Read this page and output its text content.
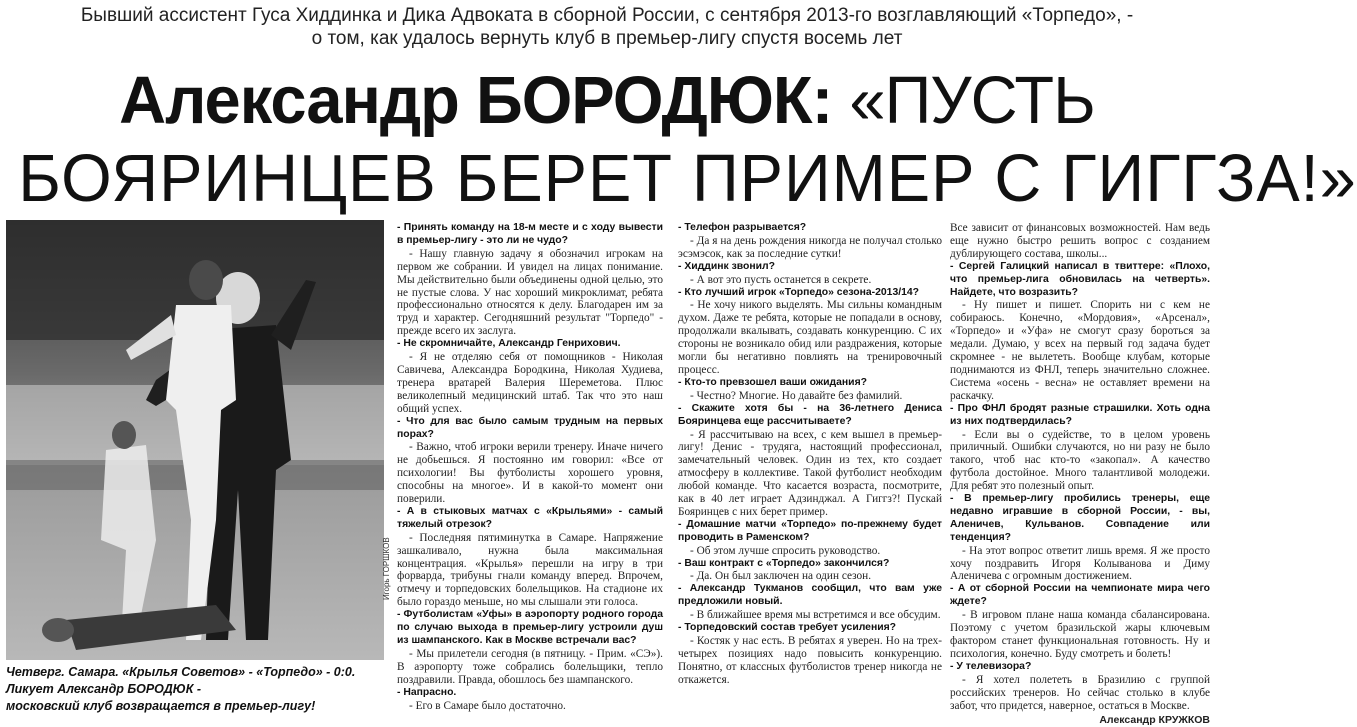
Бывший ассистент Гуса Хиддинка и Дика Адвоката в сборной России, с сентября 2013-го возглавляющий «Торпедо», -
о том, как удалось вернуть клуб в премьер-лигу спустя восемь лет
Александр БОРОДЮК: «ПУСТЬ
БОЯРИНЦЕВ БЕРЕТ ПРИМЕР С ГИГГЗА!»
Игорь ГОРШКОВ
Четверг. Самара. «Крылья Советов» - «Торпедо» - 0:0.
Ликует Александр БОРОДЮК -
московский клуб возвращается в премьер-лигу!

- Принять команду на 18-м месте и с ходу вывести в премьер-лигу - это ли не чудо?

- Нашу главную задачу я обозначил игрокам на первом же собрании. И увидел на лицах понимание. Мы действительно были объединены одной целью, это не пустые слова. У нас хороший микроклимат, ребята профессионально относятся к делу. Благодарен им за труд и характер. Сегодняшний результат "Торпедо" - прежде всего их заслуга.

- Не скромничайте, Александр Генрихович.

- Я не отделяю себя от помощников - Николая Савичева, Александра Бородкина, Николая Худиева, тренера вратарей Валерия Шереметова. Плюс великолепный медицинский штаб. Так что это наш общий успех.

- Что для вас было самым трудным на первых порах?

- Важно, чтоб игроки верили тренеру. Иначе ничего не добьешься. Я постоянно им говорил: «Все от психологии! Вы футболисты хорошего уровня, способны на многое». И в какой-то момент они поверили.

- А в стыковых матчах с «Крыльями» - самый тяжелый отрезок?

- Последняя пятиминутка в Самаре. Напряжение зашкаливало, нужна была максимальная концентрация. «Крылья» перешли на игру в три форварда, трибуны гнали команду вперед. Впрочем, отмечу и торпедовских болельщиков. На стадионе их было гораздо меньше, но мы слышали эти голоса.

- Футболистам «Уфы» в аэропорту родного города по случаю выхода в премьер-лигу устроили душ из шампанского. Как в Москве встречали вас?

- Мы прилетели сегодня (в пятницу. - Прим. «СЭ»). В аэропорту тоже собрались болельщики, тепло поздравили. Правда, обошлось без шампанского.

- Напрасно.

- Его в Самаре было достаточно.

- Телефон разрывается?

- Да я на день рождения никогда не получал столько эсэмэсок, как за последние сутки!

- Хиддинк звонил?

- А вот это пусть останется в секрете.

- Кто лучший игрок «Торпедо» сезона-2013/14?

- Не хочу никого выделять. Мы сильны командным духом. Даже те ребята, которые не попадали в основу, продолжали вкалывать, создавать конкуренцию. С их стороны не возникало обид или раздражения, которые могли бы негативно повлиять на тренировочный процесс.

- Кто-то превзошел ваши ожидания?

- Честно? Многие. Но давайте без фамилий.

- Скажите хотя бы - на 36-летнего Дениса Бояринцева еще рассчитываете?

- Я рассчитываю на всех, с кем вышел в премьер-лигу! Денис - трудяга, настоящий профессионал, замечательный человек. Один из тех, кто создает атмосферу в коллективе. Такой футболист необходим любой команде. Что касается возраста, посмотрите, как в 40 лет играет Адзинджал. А Гиггз?! Пускай Бояринцев с них берет пример.

- Домашние матчи «Торпедо» по-прежнему будет проводить в Раменском?

- Об этом лучше спросить руководство.

- Ваш контракт с «Торпедо» закончился?

- Да. Он был заключен на один сезон.

- Александр Тукманов сообщил, что вам уже предложили новый.

- В ближайшее время мы встретимся и все обсудим.

- Торпедовский состав требует усиления?

- Костяк у нас есть. В ребятах я уверен. Но на трех-четырех позициях надо повысить конкуренцию. Понятно, от классных футболистов тренер никогда не откажется.

Все зависит от финансовых возможностей. Нам ведь еще нужно быстро решить вопрос с созданием дублирующего состава, школы...

- Сергей Галицкий написал в твиттере: «Плохо, что премьер-лига обновилась на четверть». Найдете, что возразить?

- Ну пишет и пишет. Спорить ни с кем не собираюсь. Конечно, «Мордовия», «Арсенал», «Торпедо» и «Уфа» не смогут сразу бороться за медали. Думаю, у всех на первый год задача будет скромнее - не вылететь. Вообще клубам, которые поднимаются из ФНЛ, теперь значительно сложнее. Система «осень - весна» не оставляет времени на раскачку.

- Про ФНЛ бродят разные страшилки. Хоть одна из них подтвердилась?

- Если вы о судействе, то в целом уровень приличный. Ошибки случаются, но ни разу не было такого, чтоб нас кто-то «закопал». А качество футбола достойное. Много талантливой молодежи. Для ребят это полезный опыт.

- В премьер-лигу пробились тренеры, еще недавно игравшие в сборной России, - вы, Аленичев, Кульванов. Совпадение или тенденция?

- На этот вопрос ответит лишь время. Я же просто хочу поздравить Игоря Колыванова и Диму Аленичева с огромным достижением.

- А от сборной России на чемпионате мира чего ждете?

- В игровом плане наша команда сбалансирована. Поэтому с учетом бразильской жары ключевым фактором станет функциональная готовность. Ну и психология, конечно. Буду смотреть и болеть!

- У телевизора?

- Я хотел полететь в Бразилию с группой российских тренеров. Но сейчас столько в клубе забот, что придется, наверное, остаться в Москве.

Александр КРУЖКОВ
